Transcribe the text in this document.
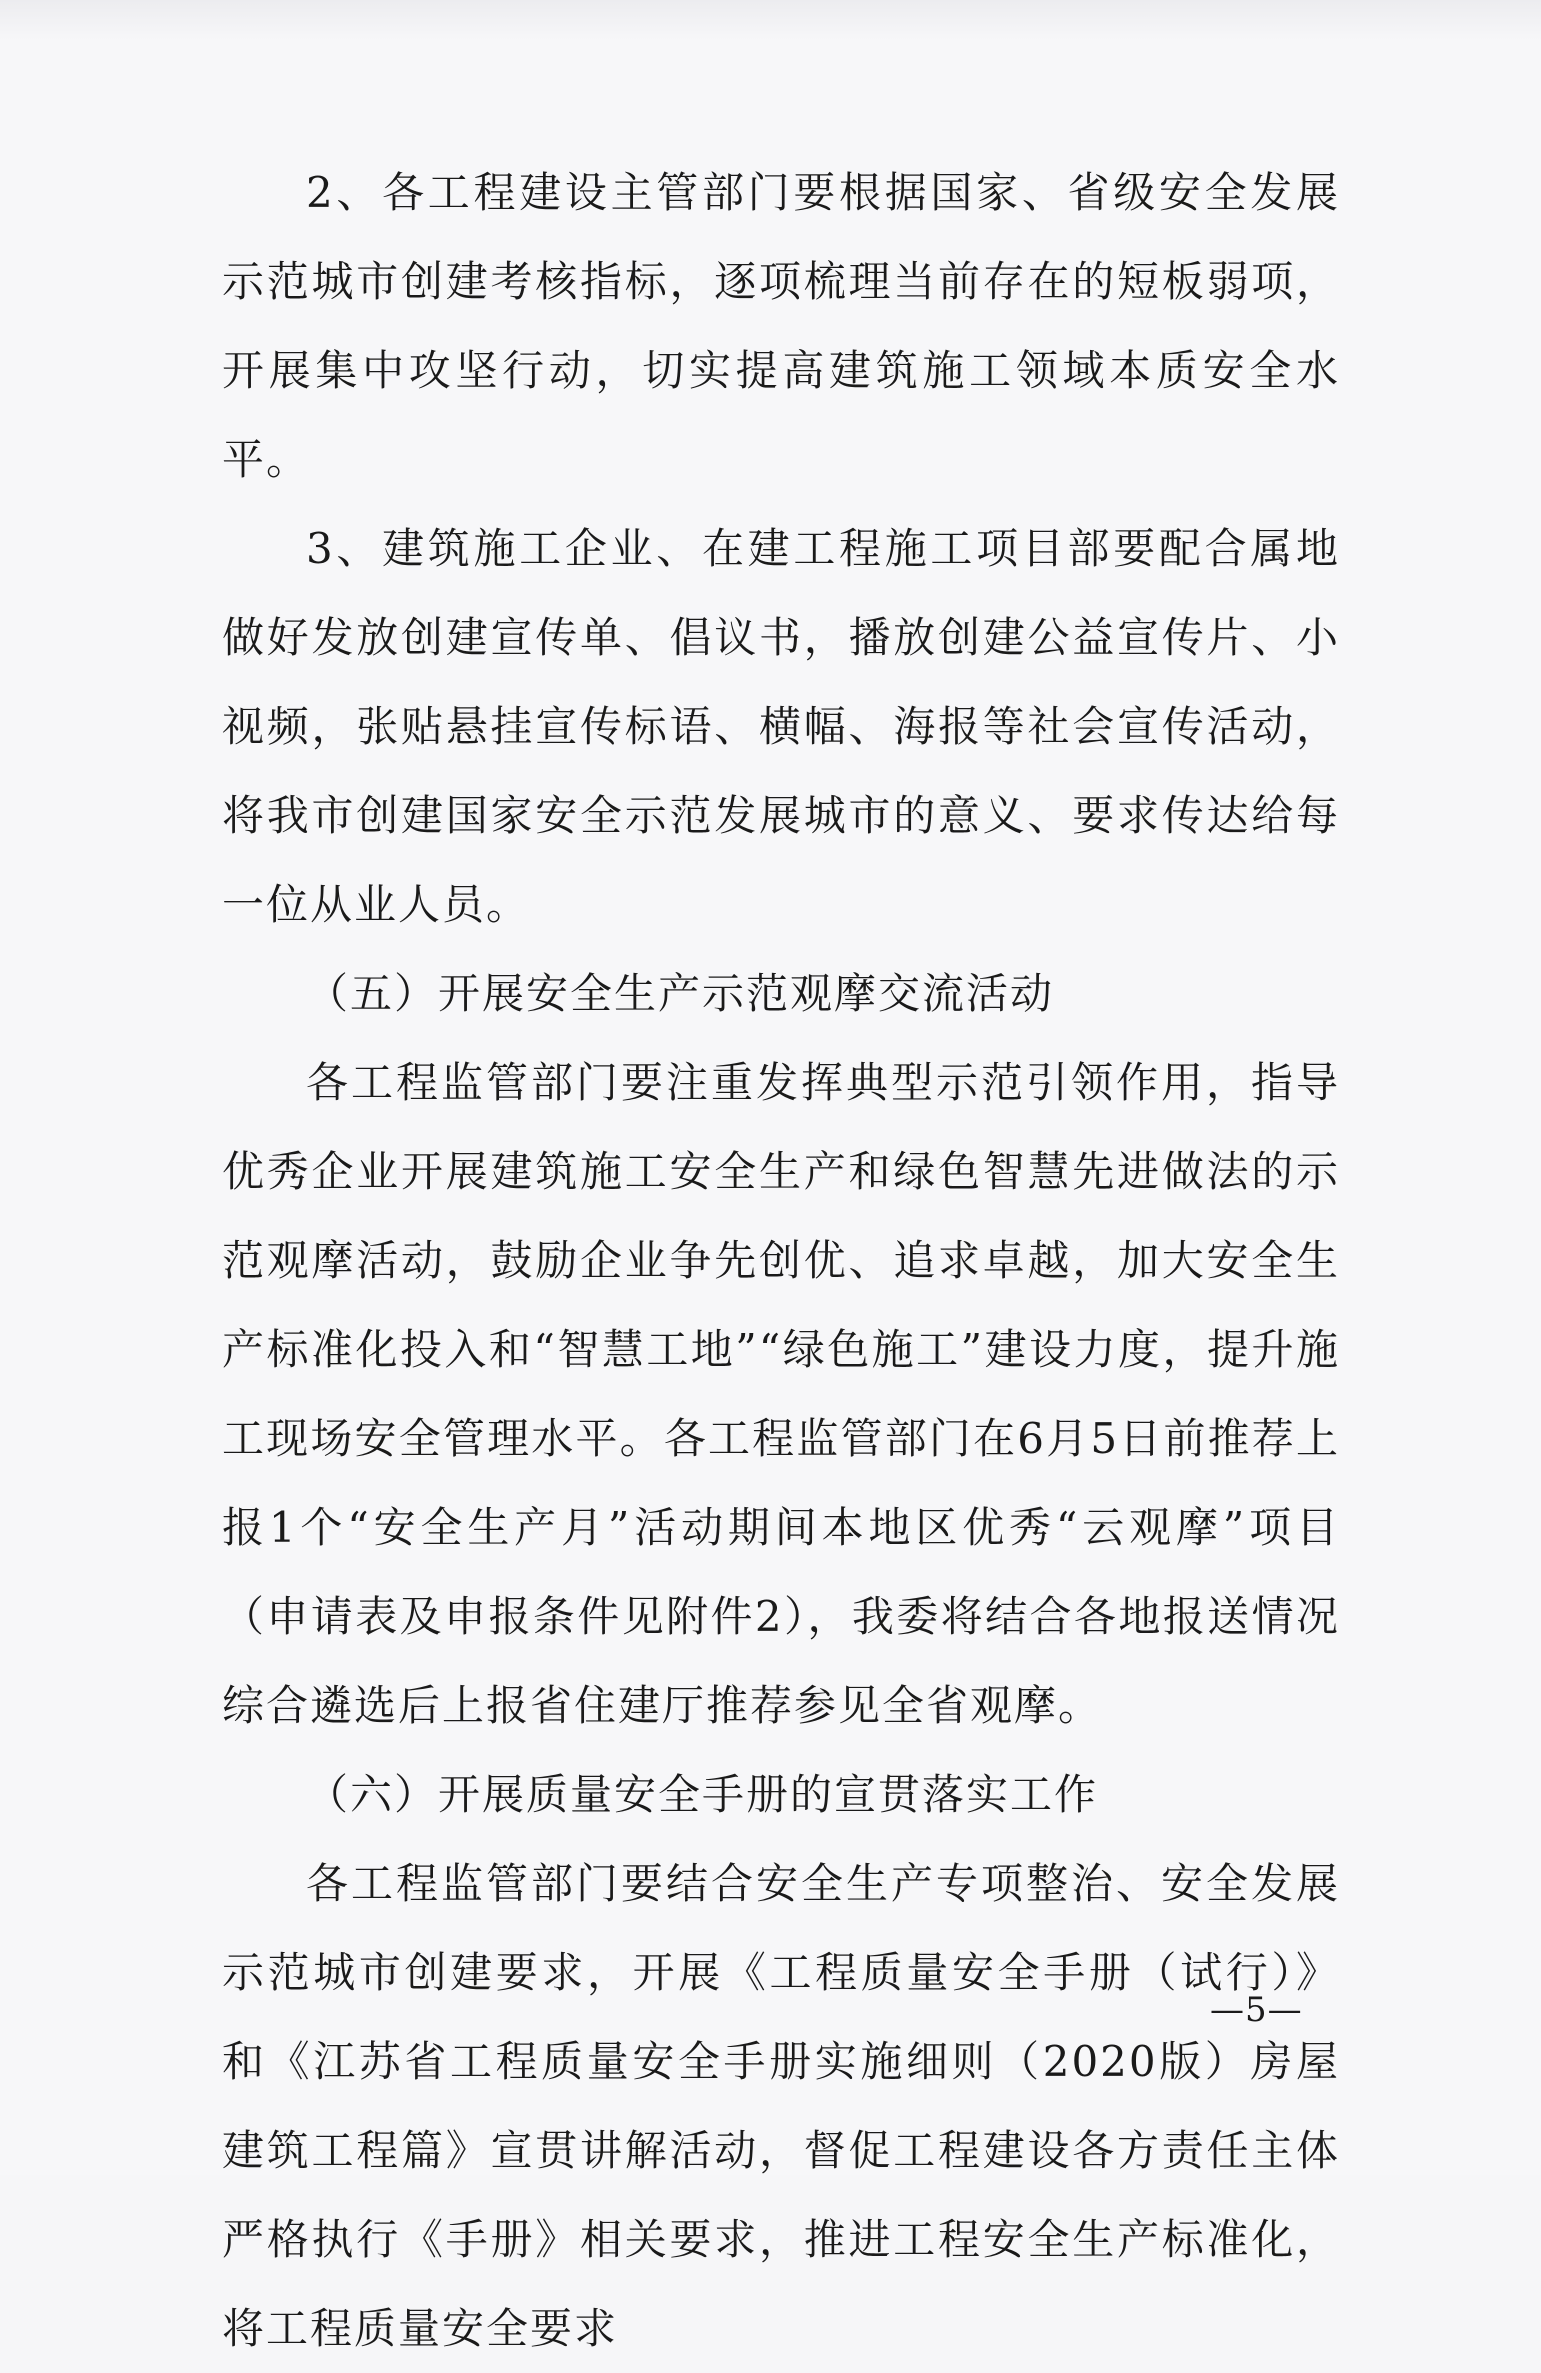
2、各工程建设主管部门要根据国家、省级安全发展示范城市创建考核指标，逐项梳理当前存在的短板弱项，开展集中攻坚行动，切实提高建筑施工领域本质安全水平。

3、建筑施工企业、在建工程施工项目部要配合属地做好发放创建宣传单、倡议书，播放创建公益宣传片、小视频，张贴悬挂宣传标语、横幅、海报等社会宣传活动，将我市创建国家安全示范发展城市的意义、要求传达给每一位从业人员。

（五）开展安全生产示范观摩交流活动

各工程监管部门要注重发挥典型示范引领作用，指导优秀企业开展建筑施工安全生产和绿色智慧先进做法的示范观摩活动，鼓励企业争先创优、追求卓越，加大安全生产标准化投入和“智慧工地”“绿色施工”建设力度，提升施工现场安全管理水平。各工程监管部门在6月5日前推荐上报1个“安全生产月”活动期间本地区优秀“云观摩”项目（申请表及申报条件见附件2），我委将结合各地报送情况综合遴选后上报省住建厅推荐参见全省观摩。

（六）开展质量安全手册的宣贯落实工作

各工程监管部门要结合安全生产专项整治、安全发展示范城市创建要求，开展《工程质量安全手册（试行）》和《江苏省工程质量安全手册实施细则（2020版）房屋建筑工程篇》宣贯讲解活动，督促工程建设各方责任主体严格执行《手册》相关要求，推进工程安全生产标准化，将工程质量安全要求

—5—
